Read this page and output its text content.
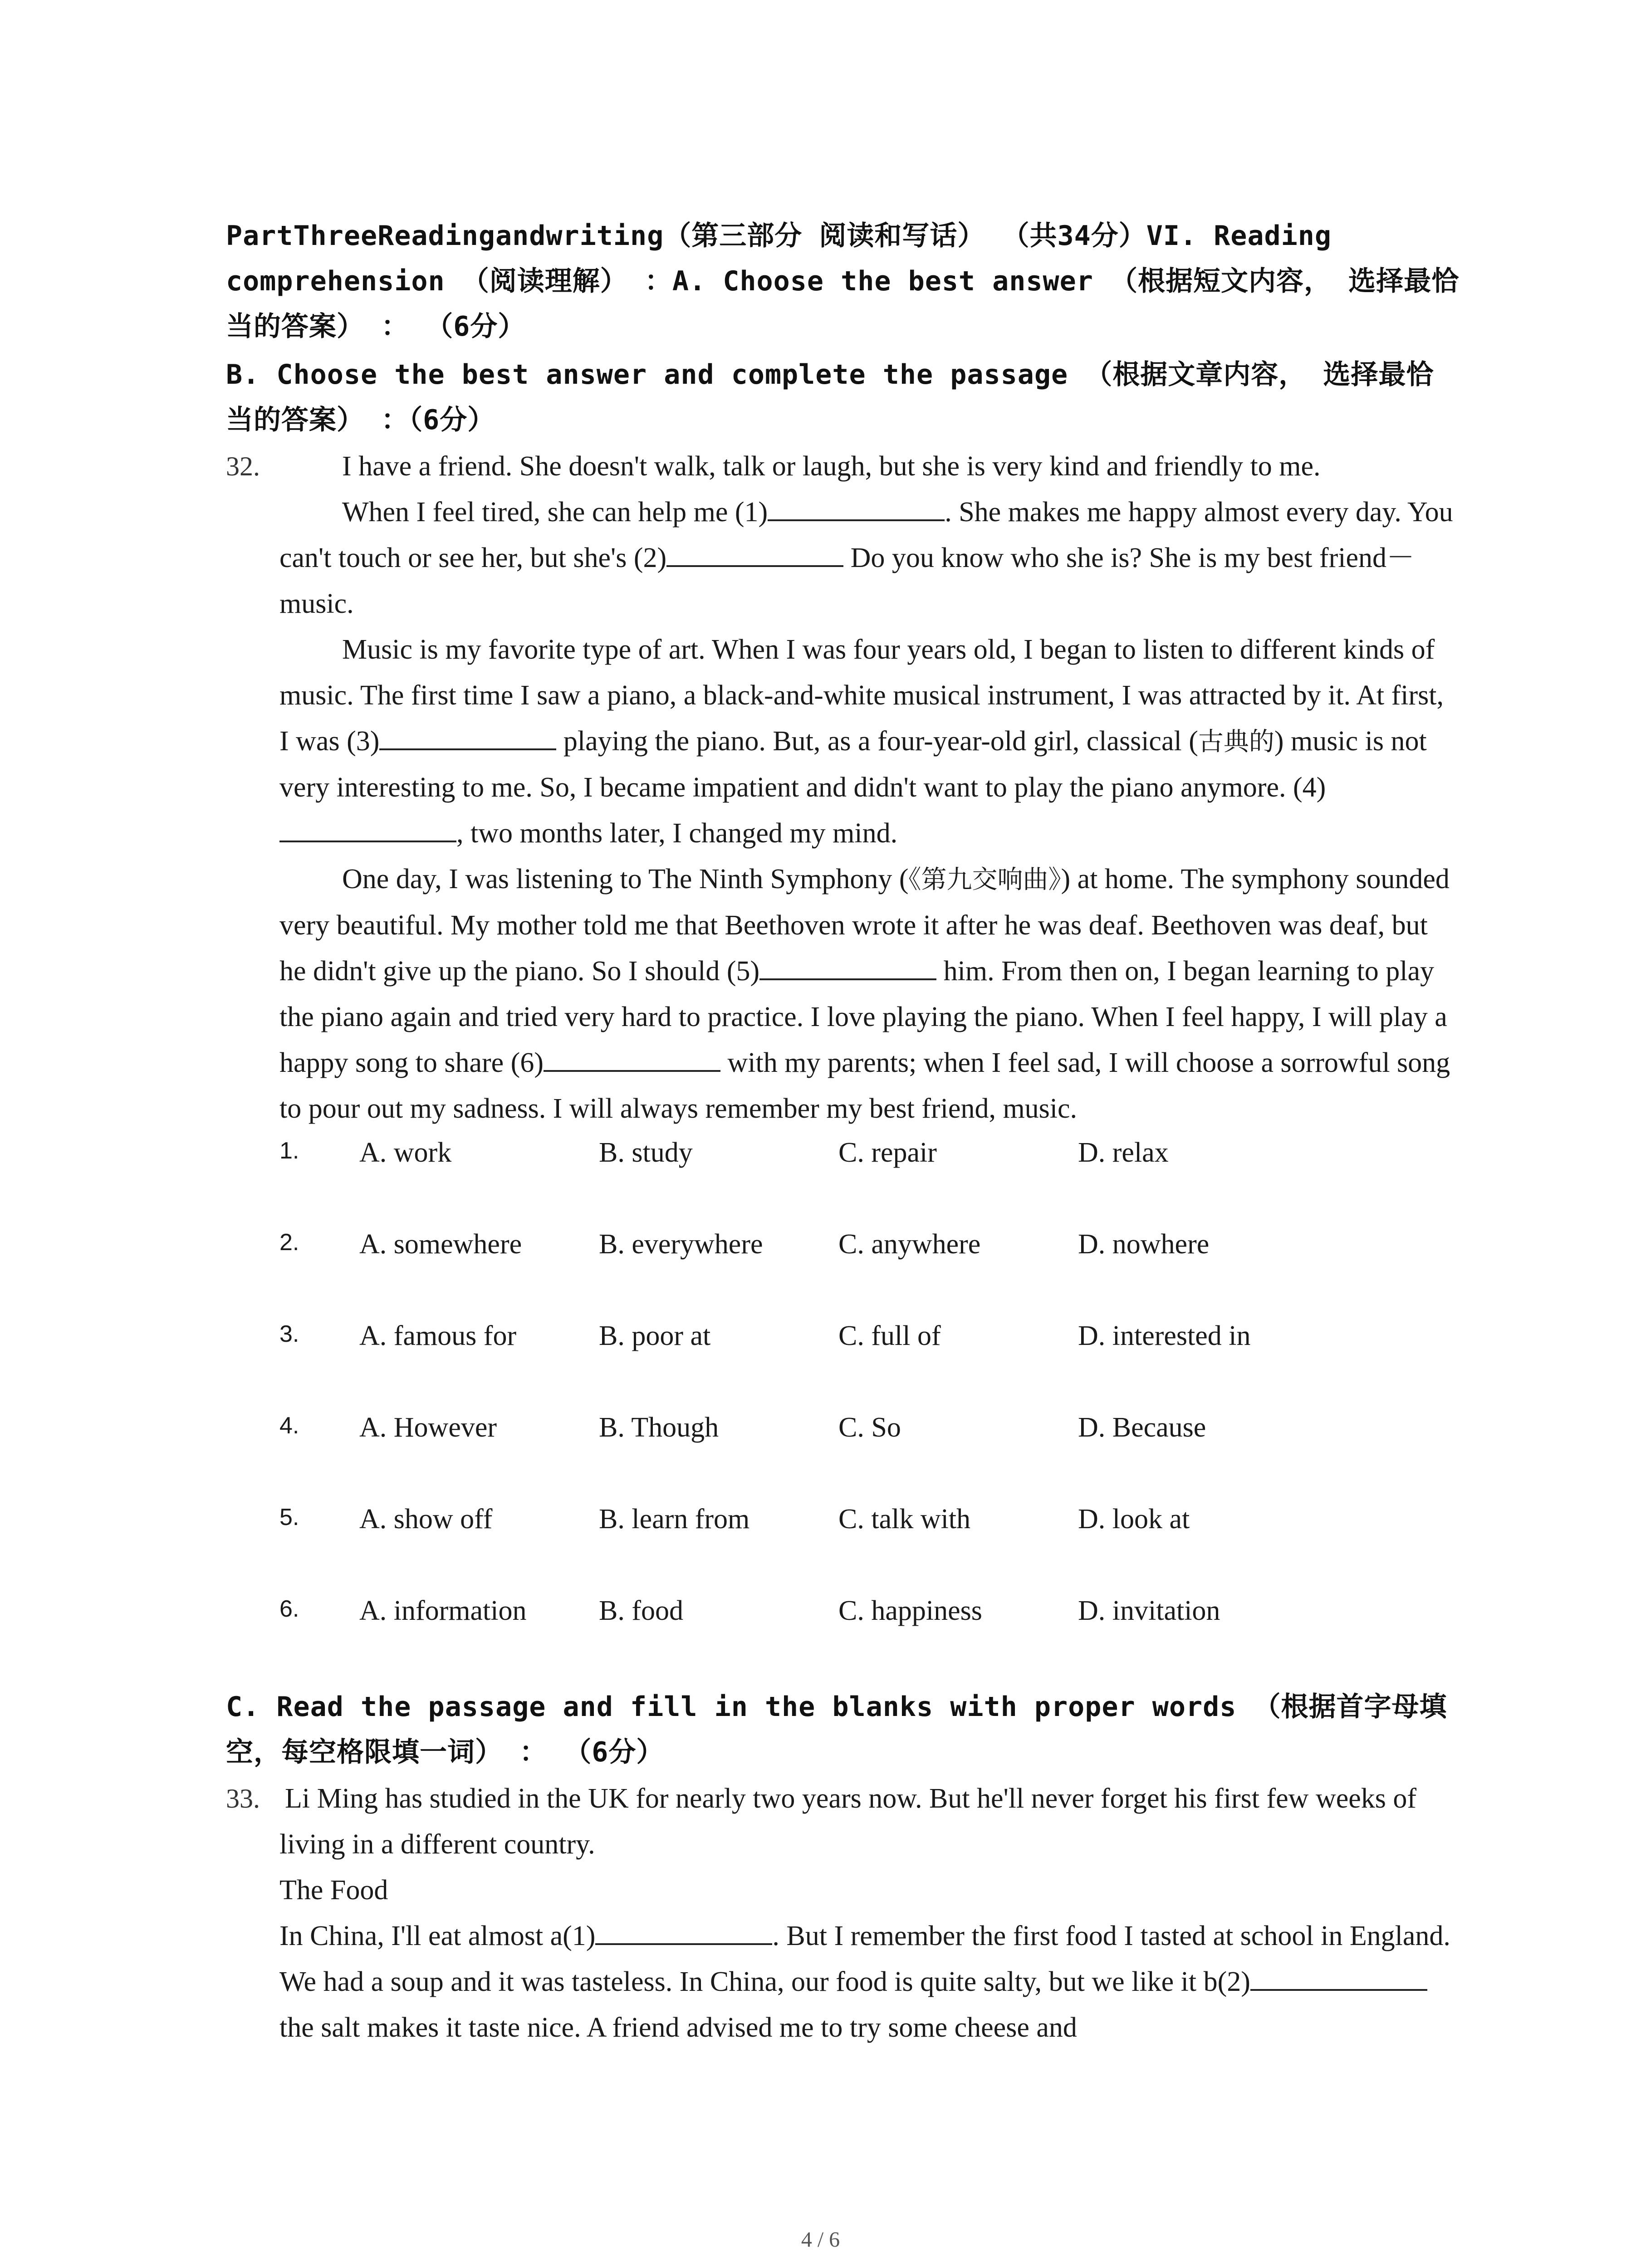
PartThreeReadingandwriting（第三部分 阅读和写话） （共34分）VI. Reading comprehension （阅读理解） ：A. Choose the best answer （根据短文内容， 选择最恰当的答案） ： （6分）

B. Choose the best answer and complete the passage （根据文章内容， 选择最恰当的答案） ：（6分）

32.	I have a friend. She doesn't walk, talk or laugh, but she is very kind and friendly to me.

When I feel tired, she can help me (1)	. She makes me happy almost every day. You can't touch or see her, but she's (2)	Do you know who she is? She is my best friend－music.

Music is my favorite type of art. When I was four years old, I began to listen to different kinds of music. The first time I saw a piano, a black-and-white musical instrument, I was attracted by it. At first, I was (3)	playing the piano. But, as a four-year-old girl, classical (古典的) music is not very interesting to me. So, I became impatient and didn't want to play the piano anymore. (4), two months later, I changed my mind.

One day, I was listening to The Ninth Symphony (《第九交响曲》) at home. The symphony sounded very beautiful. My mother told me that Beethoven wrote it after he was deaf. Beethoven was deaf, but he didn't give up the piano. So I should (5)	him. From then on, I began learning to play the piano again and tried very hard to practice. I love playing the piano. When I feel happy, I will play a happy song to share (6)	with my parents; when I feel sad, I will choose a sorrowful song to pour out my sadness. I will always remember my best friend, music.

1.	A. work	B. study	C. repair	D. relax
2.	A. somewhere	B. everywhere	C. anywhere	D. nowhere
3.	A. famous for	B. poor at	C. full of	D. interested in
4.	A. However	B. Though	C. So	D. Because
5.	A. show off	B. learn from	C. talk with	D. look at
6.	A. information	B. food	C. happiness	D. invitation

C. Read the passage and fill in the blanks with proper words （根据首字母填空，每空格限填一词） ： （6分）

33. Li Ming has studied in the UK for nearly two years now. But he'll never forget his first few weeks of living in a different country.

The Food

In China, I'll eat almost a(1)	. But I remember the first food I tasted at school in England. We had a soup and it was tasteless. In China, our food is quite salty, but we like it b(2) the salt makes it taste nice. A friend advised me to try some cheese and

4 / 6
